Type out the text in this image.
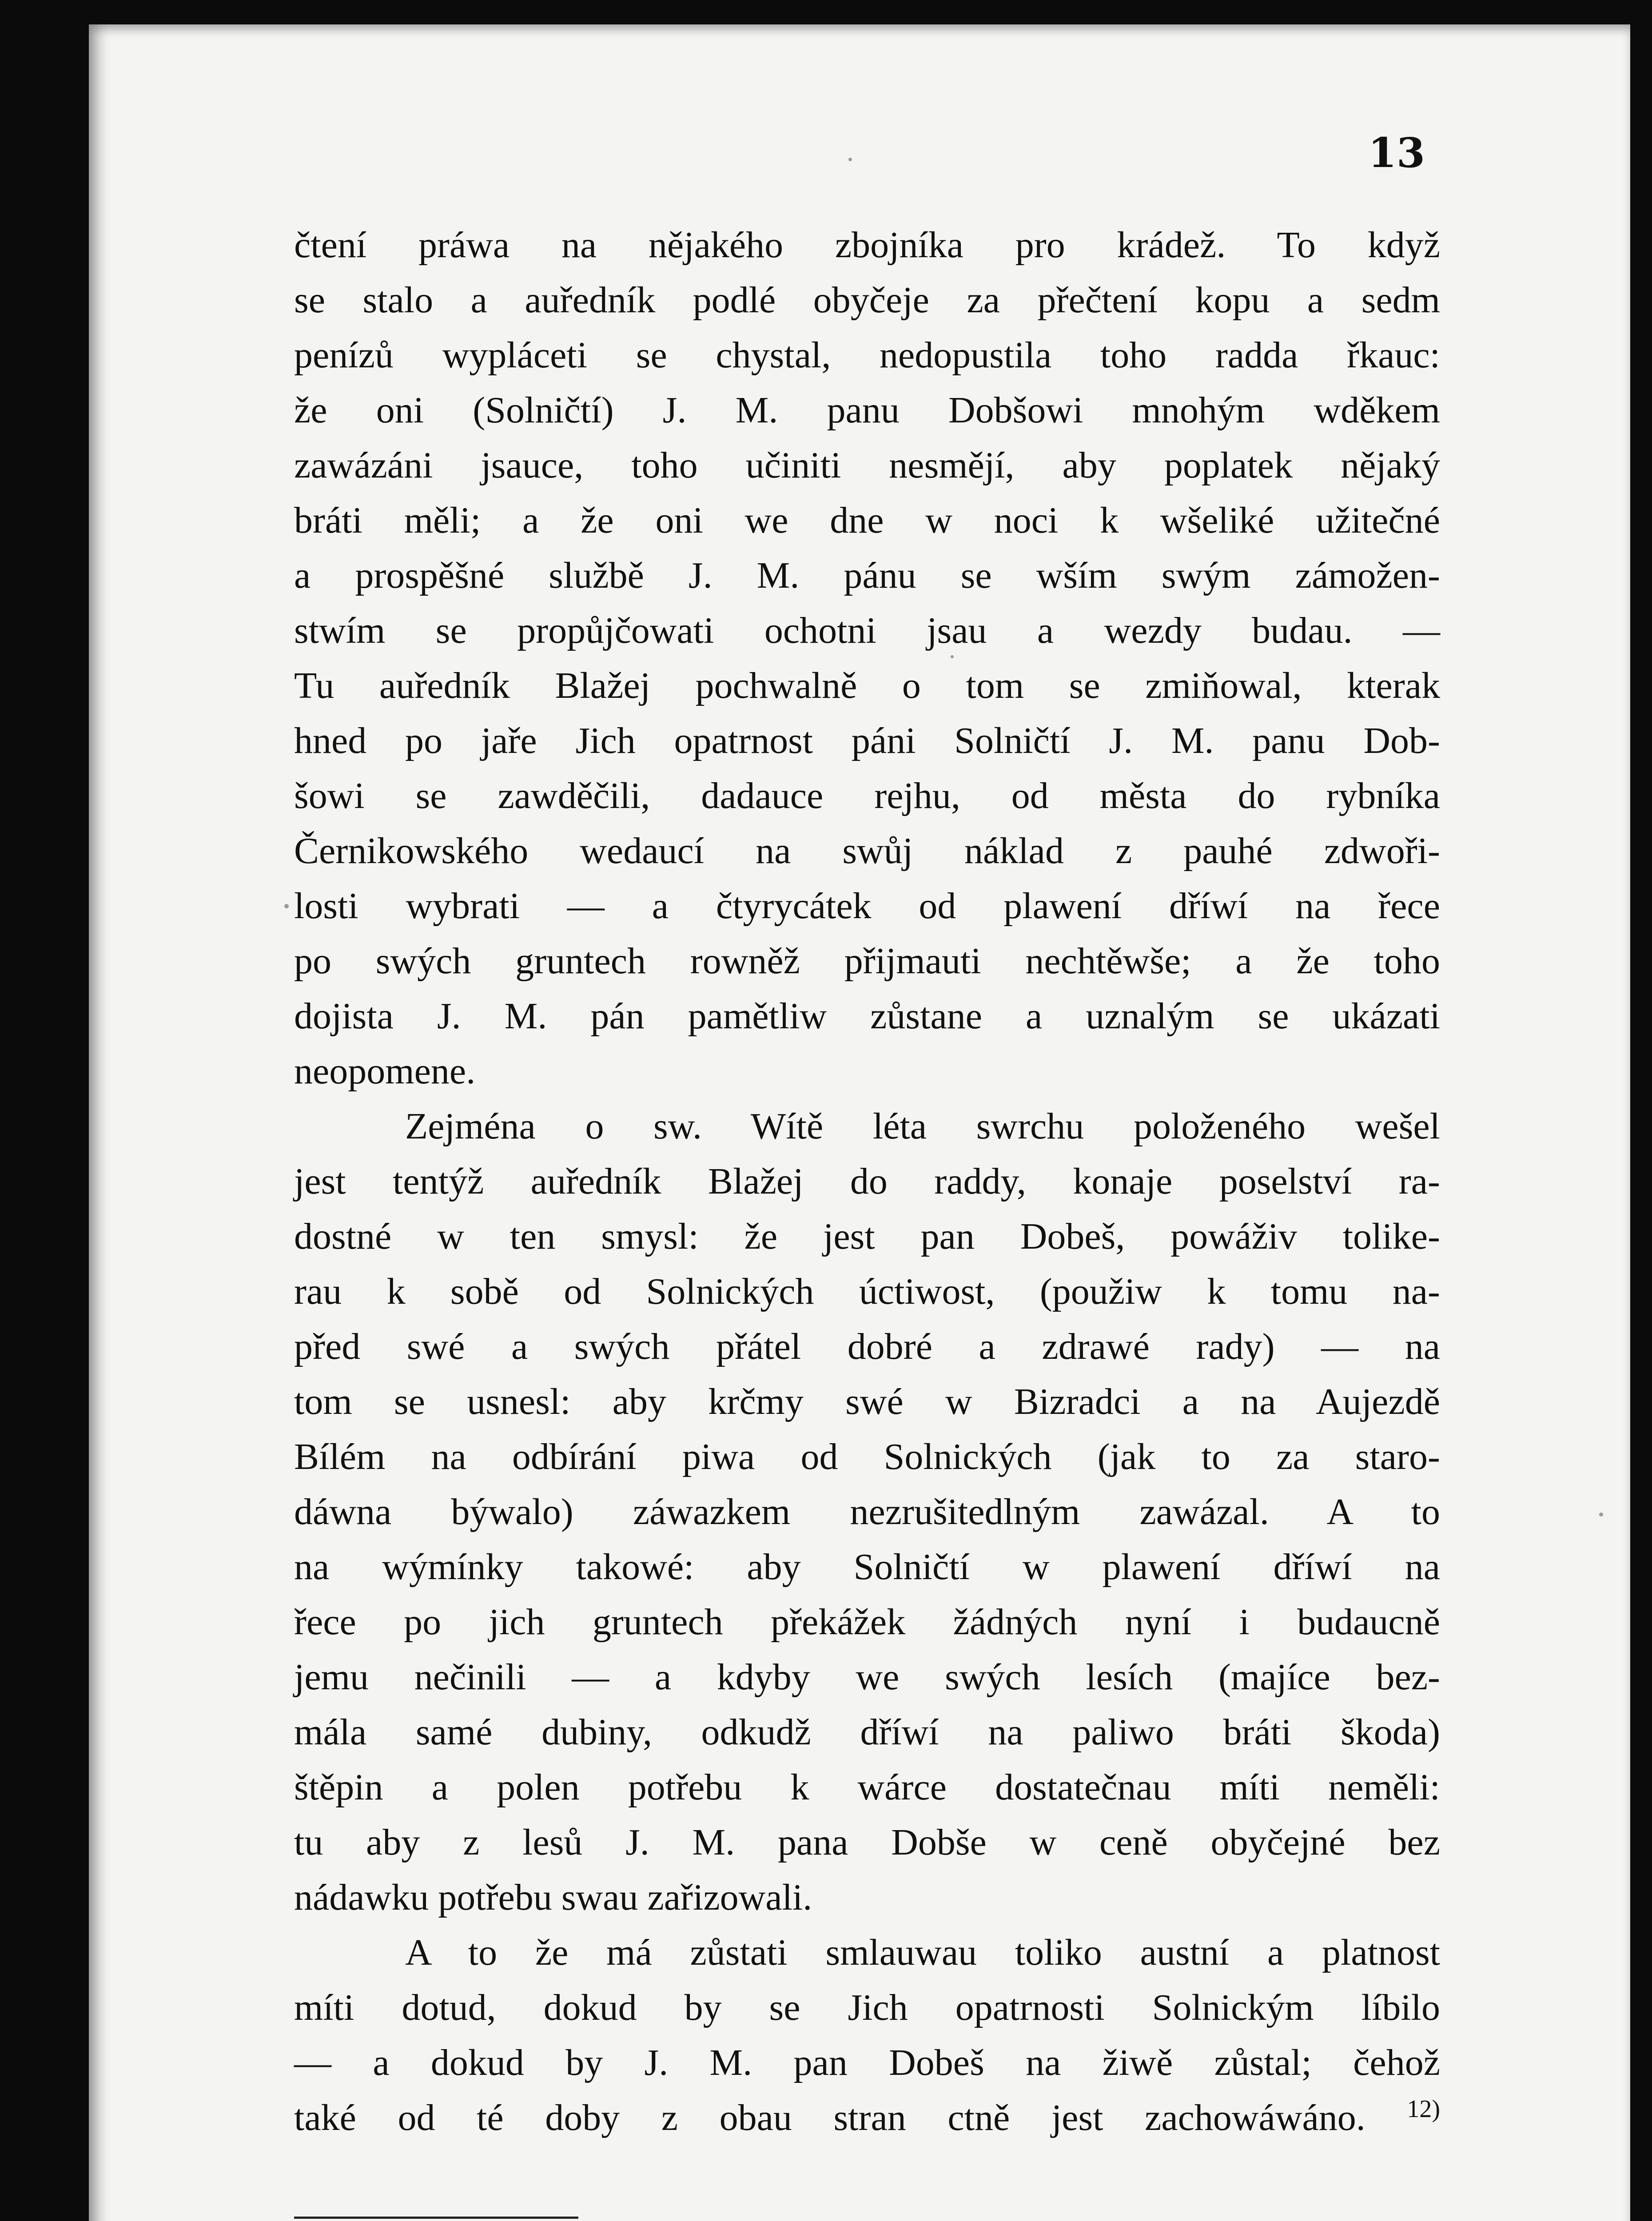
13

čtení práwa na nějakého zbojníka pro krádež. To když
se stalo a auředník podlé obyčeje za přečtení kopu a sedm
penízů wypláceti se chystal, nedopustila toho radda řkauc:
že oni (Solničtí) J. M. panu Dobšowi mnohým wděkem
zawázáni jsauce, toho učiniti nesmějí, aby poplatek nějaký
bráti měli; a že oni we dne w noci k wšeliké užitečné
a prospěšné službě J. M. pánu se wším swým zámožen-
stwím se propůjčowati ochotni jsau a wezdy budau. —
Tu auředník Blažej pochwalně o tom se zmiňowal, kterak
hned po jaře Jich opatrnost páni Solničtí J. M. panu Dob-
šowi se zawděčili, dadauce rejhu, od města do rybníka
Černikowského wedaucí na swůj náklad z pauhé zdwoři-
losti wybrati — a čtyrycátek od plawení dříwí na řece
po swých gruntech rowněž přijmauti nechtěwše; a že toho
dojista J. M. pán pamětliw zůstane a uznalým se ukázati
neopomene.
Zejména o sw. Wítě léta swrchu položeného wešel
jest tentýž auředník Blažej do raddy, konaje poselství ra-
dostné w ten smysl: že jest pan Dobeš, powáživ tolike-
rau k sobě od Solnických úctiwost, (použiw k tomu na-
před swé a swých přátel dobré a zdrawé rady) — na
tom se usnesl: aby krčmy swé w Bizradci a na Aujezdě
Bílém na odbírání piwa od Solnických (jak to za staro-
dáwna býwalo) záwazkem nezrušitedlným zawázal. A to
na wýmínky takowé: aby Solničtí w plawení dříwí na
řece po jich gruntech překážek žádných nyní i budaucně
jemu nečinili — a kdyby we swých lesích (majíce bez-
mála samé dubiny, odkudž dříwí na paliwo bráti škoda)
štěpin a polen potřebu k wárce dostatečnau míti neměli:
tu aby z lesů J. M. pana Dobše w ceně obyčejné bez
nádawku potřebu swau zařizowali.
A to že má zůstati smlauwau toliko austní a platnost
míti dotud, dokud by se Jich opatrnosti Solnickým líbilo
— a dokud by J. M. pan Dobeš na žiwě zůstal; čehož
také od té doby z obau stran ctně jest zachowáwáno. $^{12)}$
